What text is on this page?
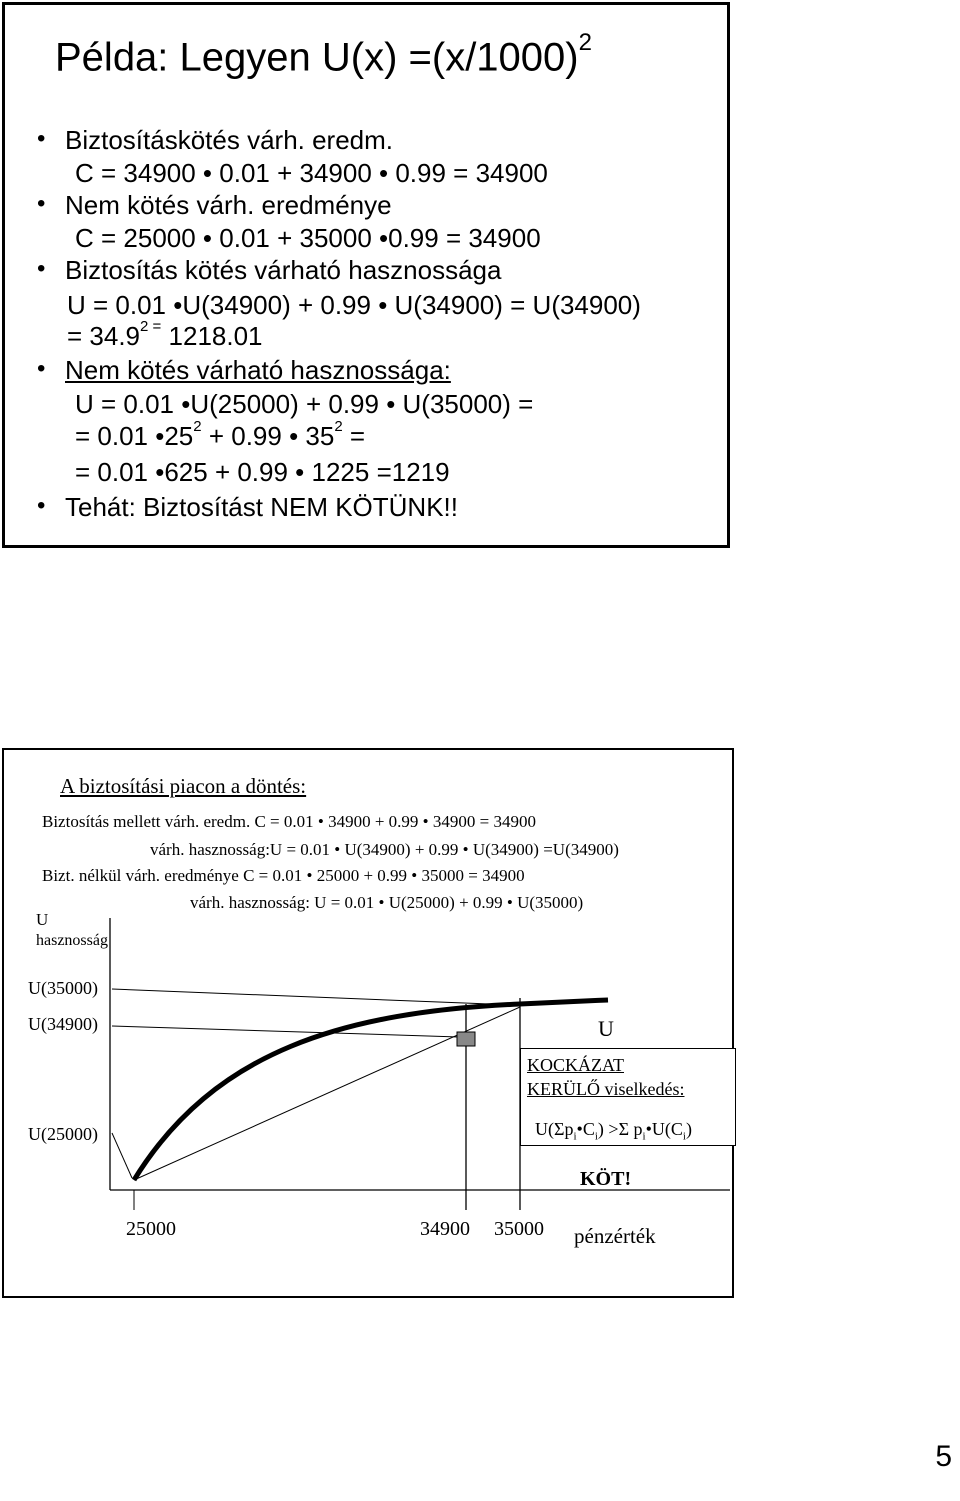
Példa: Legyen $U(x) =(x/1000)^2$
• Biztosításkötés várh. eredm.
C = 34900 • 0.01 + 34900 • 0.99 = 34900
• Nem kötés várh. eredménye
C = 25000 • 0.01 + 35000 •0.99 = 34900
• Biztosítás kötés várható hasznossága
U = 0.01 •U(34900) + 0.99 • U(34900) = U(34900)
= $34.9^{2 =}$ 1218.01
• Nem kötés várható hasznossága:
U = 0.01 •U(25000) + 0.99 • U(35000) =
= 0.01 $•25^2 + 0.99$ • $35^2$ =
= 0.01 •625 + 0.99 • 1225 =1219
• Tehát: Biztosítást NEM KÖTÜNK!!
A biztosítási piacon a döntés:
Biztosítás mellett várh. eredm. C = 0.01 • 34900 + 0.99 • 34900 = 34900
várh. hasznosság:U = 0.01 • U(34900) + 0.99 • U(34900) =U(34900)
Bizt. nélkül várh. eredménye C = 0.01 • 25000 + 0.99 • 35000 = 34900
várh. hasznosság: U = 0.01 • U(25000) + 0.99 • U(35000)
U
hasznosság
U(35000)
U(34900)
U(25000)
U
KOCKÁZAT
KERÜLŐ viselkedés:
$U(\Sigma p_i•C_i) >\Sigma$ $p_i•U(C_i)$
KÖT!
25000	34900 35000 pénzérték
5
